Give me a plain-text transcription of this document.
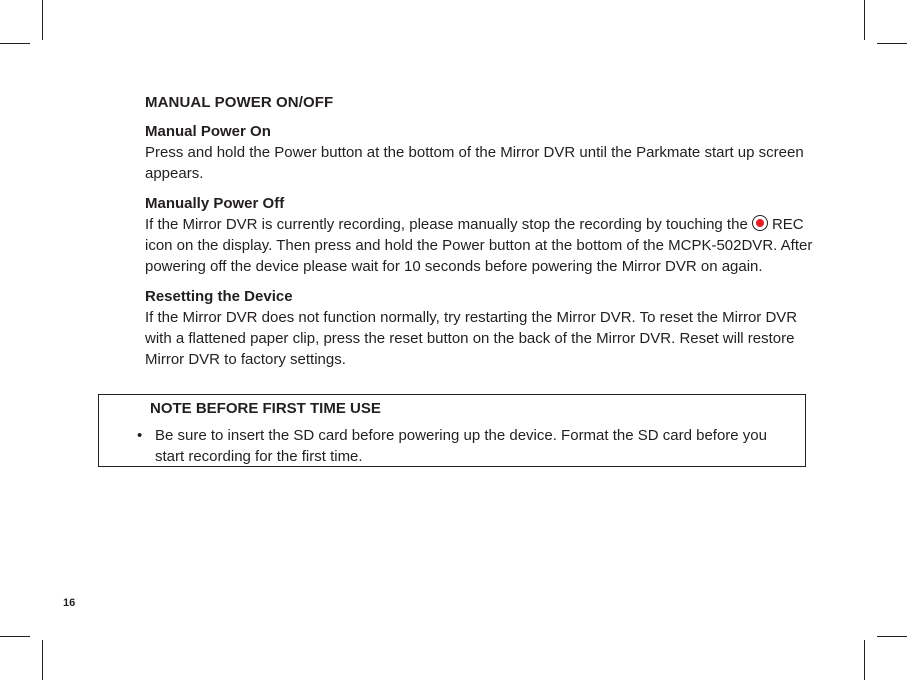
MANUAL POWER ON/OFF
Manual Power On

Press and hold the Power button at the bottom of the Mirror DVR until the Parkmate start up screen appears.

Manually Power Off

If the Mirror DVR is currently recording, please manually stop the recording by touching the REC icon on the display. Then press and hold the Power button at the bottom of the MCPK-502DVR. After powering off the device please wait for 10 seconds before powering the Mirror DVR on again.

Resetting the Device

If the Mirror DVR does not function normally, try restarting the Mirror DVR. To reset the Mirror DVR with a flattened paper clip, press the reset button on the back of the Mirror DVR. Reset will restore Mirror DVR to factory settings.

NOTE BEFORE FIRST TIME USE
• Be sure to insert the SD card before powering up the device. Format the SD card before you start recording for the first time.
16
